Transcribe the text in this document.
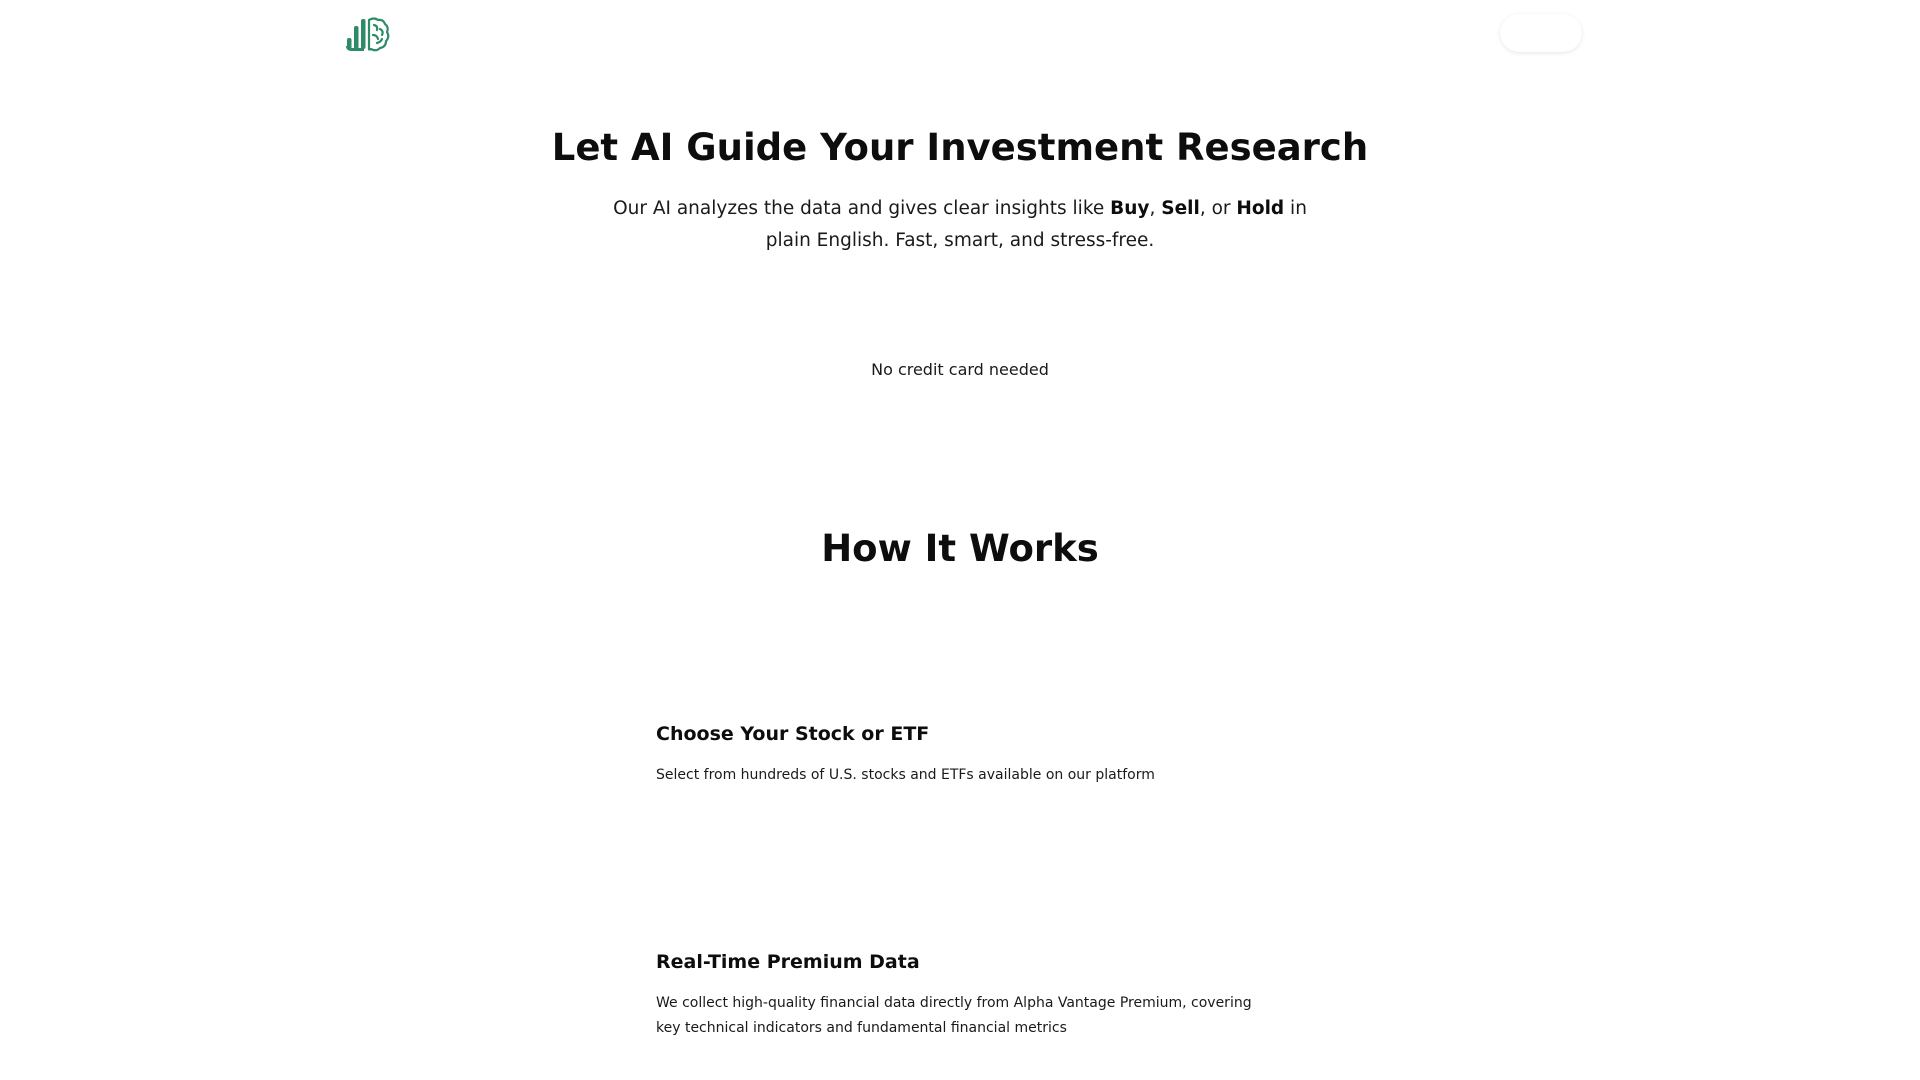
Let AI Guide Your Investment Research

Our AI analyzes the data and gives clear insights like Buy, Sell, or Hold in plain English. Fast, smart, and stress-free.

No credit card needed

How It Works
Choose Your Stock or ETF

Select from hundreds of U.S. stocks and ETFs available on our platform

Real-Time Premium Data

We collect high-quality financial data directly from Alpha Vantage Premium, covering key technical indicators and fundamental financial metrics
